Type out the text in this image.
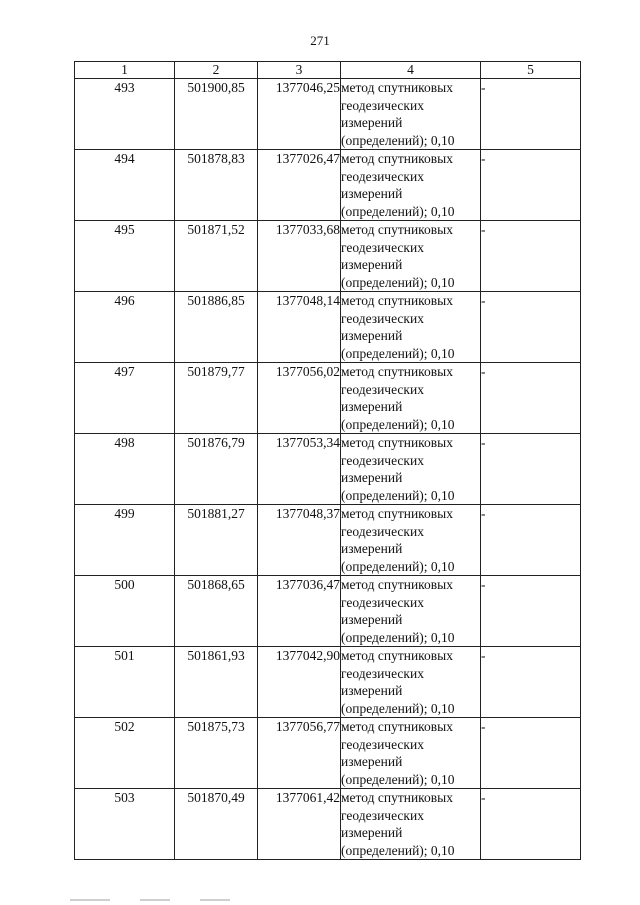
271
1	2	3	4	5
493	501900,85	1377046,25	метод спутниковых
геодезических
измерений
(определений); 0,10	-
494	501878,83	1377026,47	метод спутниковых
геодезических
измерений
(определений); 0,10	-
495	501871,52	1377033,68	метод спутниковых
геодезических
измерений
(определений); 0,10	-
496	501886,85	1377048,14	метод спутниковых
геодезических
измерений
(определений); 0,10	-
497	501879,77	1377056,02	метод спутниковых
геодезических
измерений
(определений); 0,10	-
498	501876,79	1377053,34	метод спутниковых
геодезических
измерений
(определений); 0,10	-
499	501881,27	1377048,37	метод спутниковых
геодезических
измерений
(определений); 0,10	-
500	501868,65	1377036,47	метод спутниковых
геодезических
измерений
(определений); 0,10	-
501	501861,93	1377042,90	метод спутниковых
геодезических
измерений
(определений); 0,10	-
502	501875,73	1377056,77	метод спутниковых
геодезических
измерений
(определений); 0,10	-
503	501870,49	1377061,42	метод спутниковых
геодезических
измерений
(определений); 0,10	-
